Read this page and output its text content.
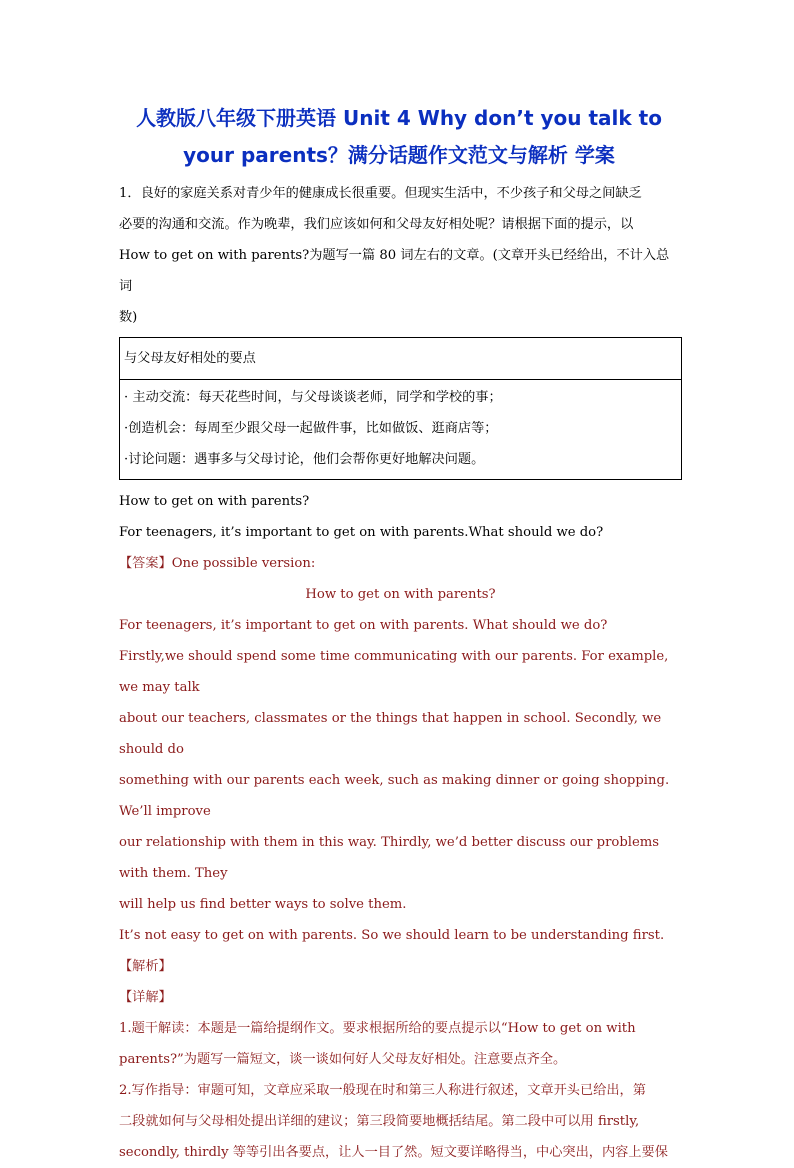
人教版八年级下册英语 Unit 4 Why don’t you talk to
your parents？满分话题作文范文与解析 学案

1．良好的家庭关系对青少年的健康成长很重要。但现实生活中，不少孩子和父母之间缺乏

必要的沟通和交流。作为晚辈，我们应该如何和父母友好相处呢？请根据下面的提示，以

How to get on with parents?为题写一篇 80 词左右的文章。(文章开头已经给出，不计入总词

数)

与父母友好相处的要点
· 主动交流：每天花些时间，与父母谈谈老师，同学和学校的事；
·创造机会：每周至少跟父母一起做件事，比如做饭、逛商店等；
·讨论问题：遇事多与父母讨论，他们会帮你更好地解决问题。

How to get on with parents?

For teenagers, it’s important to get on with parents.What should we do?

【答案】One possible version:

How to get on with parents?

For teenagers, it’s important to get on with parents. What should we do?

Firstly,we should spend some time communicating with our parents. For example, we may talk

about our teachers, classmates or the things that happen in school. Secondly, we should do

something with our parents each week, such as making dinner or going shopping. We’ll improve

our relationship with them in this way. Thirdly, we’d better discuss our problems with them. They

will help us find better ways to solve them.

It’s not easy to get on with parents. So we should learn to be understanding first.

【解析】

【详解】

1.题干解读：本题是一篇给提纲作文。要求根据所给的要点提示以“How to get on with

parents?”为题写一篇短文，谈一谈如何好人父母友好相处。注意要点齐全。

2.写作指导：审题可知，文章应采取一般现在时和第三人称进行叙述，文章开头已给出，第

二段就如何与父母相处提出详细的建议；第三段简要地概括结尾。第二段中可以用 firstly,

secondly, thirdly 等等引出各要点，让人一目了然。短文要详略得当，中心突出，内容上要保
